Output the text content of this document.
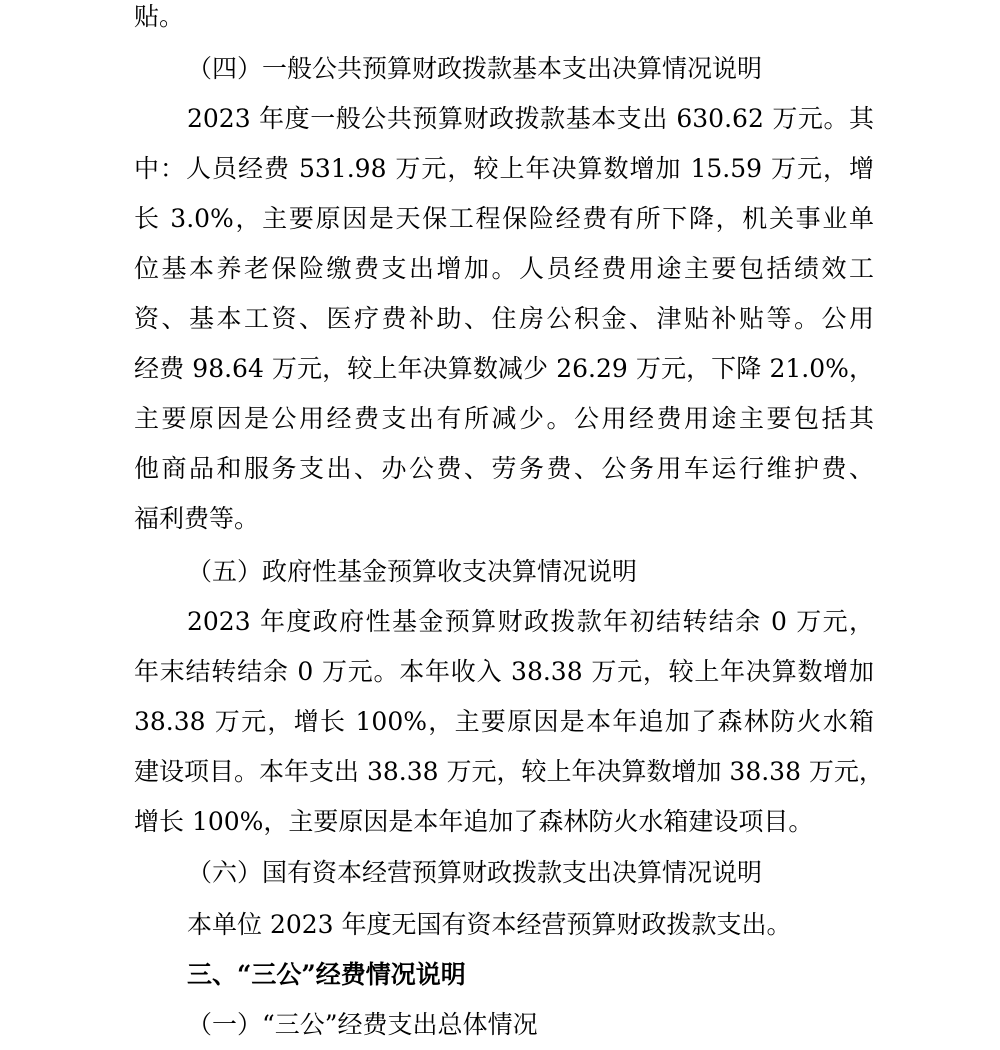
贴。
（四）一般公共预算财政拨款基本支出决算情况说明
2023 年度一般公共预算财政拨款基本支出 630.62 万元。其
中：人员经费 531.98 万元，较上年决算数增加 15.59 万元，增
长 3.0%，主要原因是天保工程保险经费有所下降，机关事业单
位基本养老保险缴费支出增加。人员经费用途主要包括绩效工
资、基本工资、医疗费补助、住房公积金、津贴补贴等。公用
经费 98.64 万元，较上年决算数减少 26.29 万元，下降 21.0%，
主要原因是公用经费支出有所减少。公用经费用途主要包括其
他商品和服务支出、办公费、劳务费、公务用车运行维护费、
福利费等。
（五）政府性基金预算收支决算情况说明
2023 年度政府性基金预算财政拨款年初结转结余 0 万元，
年末结转结余 0 万元。本年收入 38.38 万元，较上年决算数增加
38.38 万元，增长 100%，主要原因是本年追加了森林防火水箱
建设项目。本年支出 38.38 万元，较上年决算数增加 38.38 万元，
增长 100%，主要原因是本年追加了森林防火水箱建设项目。
（六）国有资本经营预算财政拨款支出决算情况说明
本单位 2023 年度无国有资本经营预算财政拨款支出。
三、“三公”经费情况说明
（一）“三公”经费支出总体情况
